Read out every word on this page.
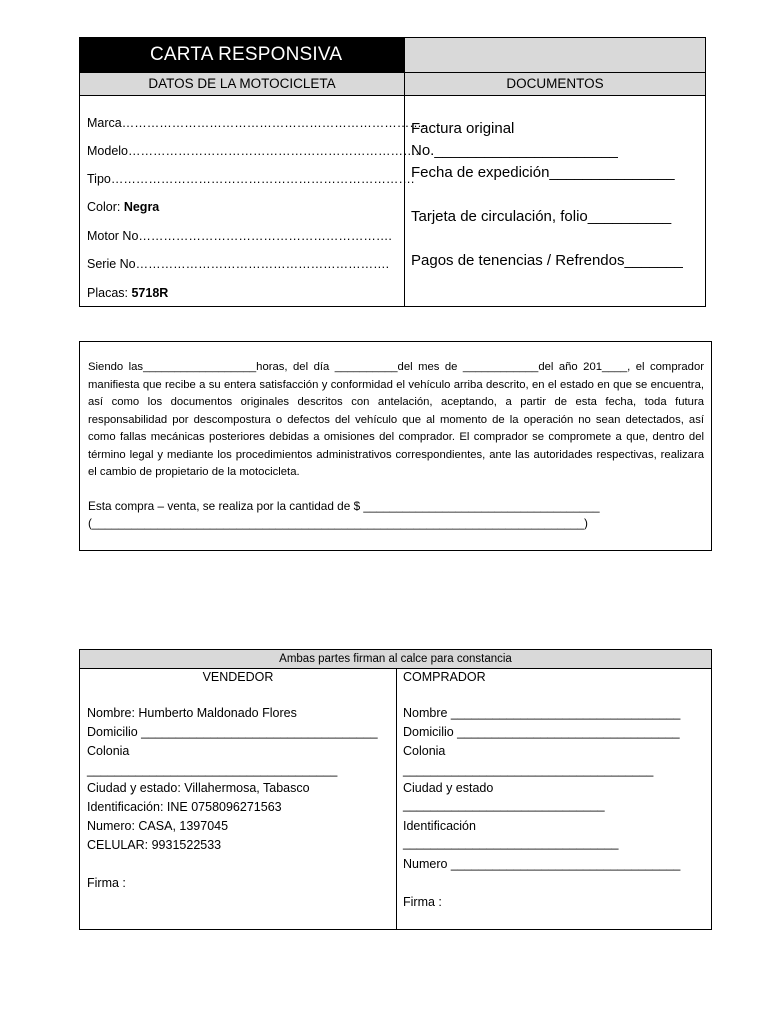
CARTA RESPONSIVA
DATOS DE LA MOTOCICLETA	DOCUMENTOS
Marca……………………………………………………………….
Modelo…………………………………………………………….
Tipo……………………………………………………………….
Color: Negra
Motor No…………………………………………………….
Serie No…………………………………………………….
Placas: 5718R
Factura original
No.______________________
Fecha de expedición_______________
Tarjeta de circulación, folio__________
Pagos de tenencias / Refrendos_______
Siendo las__________________horas, del día __________del mes de ____________del año 201____, el comprador manifiesta que recibe a su entera satisfacción y conformidad el vehículo arriba descrito, en el estado en que se encuentra, así como los documentos originales descritos con antelación, aceptando, a partir de esta fecha, toda futura responsabilidad por descompostura o defectos del vehículo que al momento de la operación no sean detectados, así como fallas mecánicas posteriores debidas a omisiones del comprador. El comprador se compromete a que, dentro del término legal y mediante los procedimientos administrativos correspondientes, ante las autoridades respectivas, realizara el cambio de propietario de la motocicleta.
Esta compra – venta, se realiza por la cantidad de $ ____________________________________
(___________________________________________________________________________)
Ambas partes firman al calce para constancia
VENDEDOR
Nombre: Humberto Maldonado Flores
Domicilio __________________________________
Colonia
____________________________________
Ciudad y estado: Villahermosa, Tabasco
Identificación: INE 0758096271563
Numero: CASA, 1397045
CELULAR: 9931522533
Firma :
COMPRADOR
Nombre _________________________________
Domicilio ________________________________
Colonia
____________________________________
Ciudad y estado
_____________________________
Identificación
_______________________________
Numero _________________________________
Firma :
